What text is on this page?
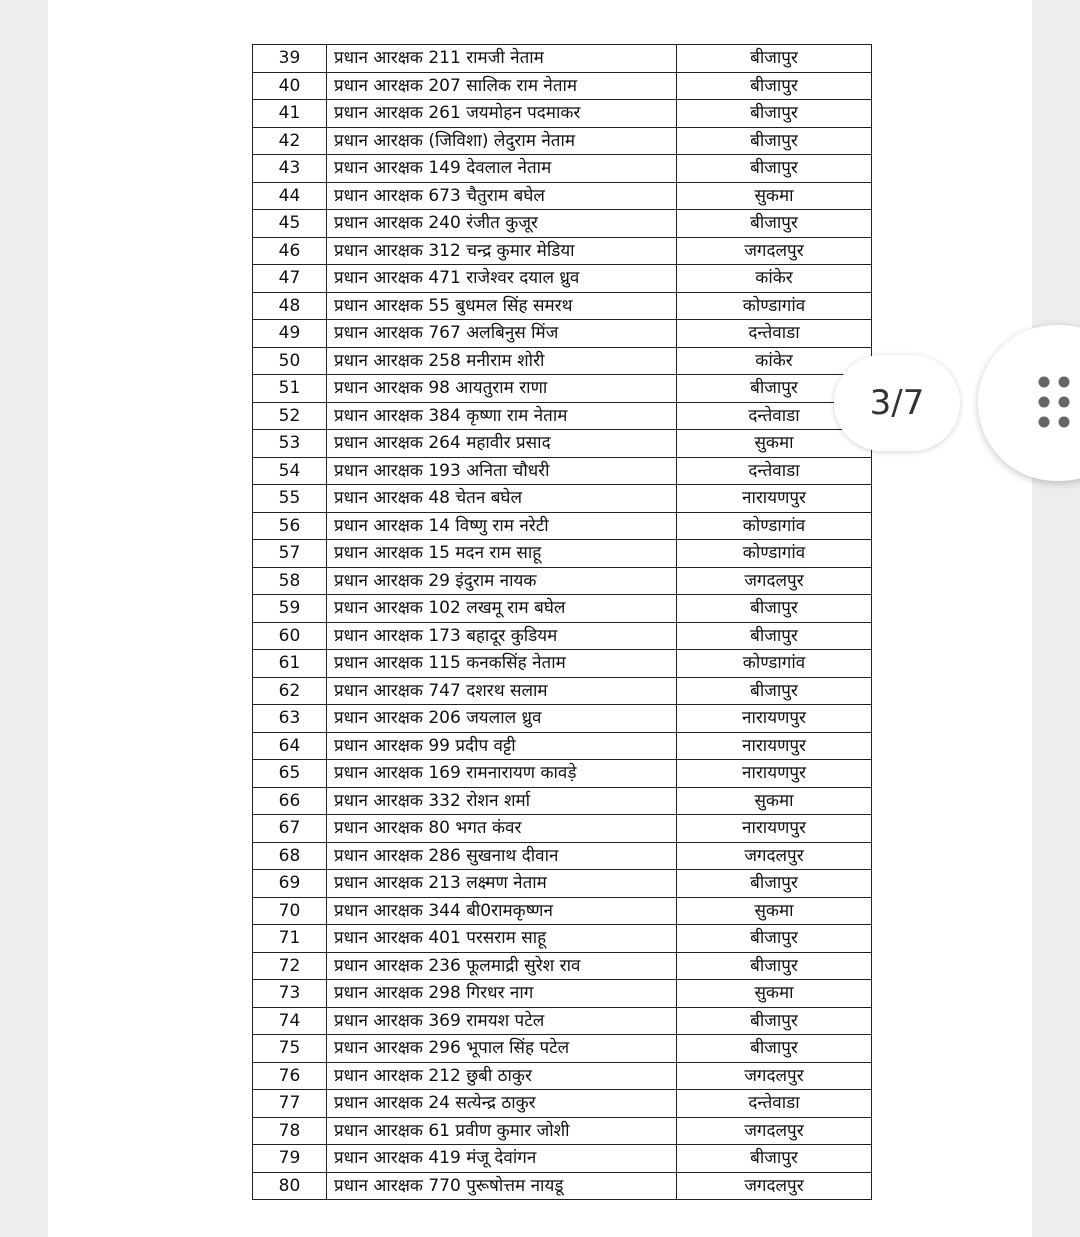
39	प्रधान आरक्षक 211 रामजी नेताम	बीजापुर
40	प्रधान आरक्षक 207 सालिक राम नेताम	बीजापुर
41	प्रधान आरक्षक 261 जयमोहन पदमाकर	बीजापुर
42	प्रधान आरक्षक (जिविशा) लेदुराम नेताम	बीजापुर
43	प्रधान आरक्षक 149 देवलाल नेताम	बीजापुर
44	प्रधान आरक्षक 673 चैतुराम बघेल	सुकमा
45	प्रधान आरक्षक 240 रंजीत कुजूर	बीजापुर
46	प्रधान आरक्षक 312 चन्द्र कुमार मेडिया	जगदलपुर
47	प्रधान आरक्षक 471 राजेश्वर दयाल ध्रुव	कांकेर
48	प्रधान आरक्षक 55 बुधमल सिंह समरथ	कोण्डागांव
49	प्रधान आरक्षक 767 अलबिनुस मिंज	दन्तेवाडा
50	प्रधान आरक्षक 258 मनीराम शोरी	कांकेर
51	प्रधान आरक्षक 98 आयतुराम राणा	बीजापुर
52	प्रधान आरक्षक 384 कृष्णा राम नेताम	दन्तेवाडा
53	प्रधान आरक्षक 264 महावीर प्रसाद	सुकमा
54	प्रधान आरक्षक 193 अनिता चौधरी	दन्तेवाडा
55	प्रधान आरक्षक 48 चेतन बघेल	नारायणपुर
56	प्रधान आरक्षक 14 विष्णु राम नरेटी	कोण्डागांव
57	प्रधान आरक्षक 15 मदन राम साहू	कोण्डागांव
58	प्रधान आरक्षक 29 इंदुराम नायक	जगदलपुर
59	प्रधान आरक्षक 102 लखमू राम बघेल	बीजापुर
60	प्रधान आरक्षक 173 बहादूर कुडियम	बीजापुर
61	प्रधान आरक्षक 115 कनकसिंह नेताम	कोण्डागांव
62	प्रधान आरक्षक 747 दशरथ सलाम	बीजापुर
63	प्रधान आरक्षक 206 जयलाल ध्रुव	नारायणपुर
64	प्रधान आरक्षक 99 प्रदीप वट्टी	नारायणपुर
65	प्रधान आरक्षक 169 रामनारायण कावड़े	नारायणपुर
66	प्रधान आरक्षक 332 रोशन शर्मा	सुकमा
67	प्रधान आरक्षक 80 भगत कंवर	नारायणपुर
68	प्रधान आरक्षक 286 सुखनाथ दीवान	जगदलपुर
69	प्रधान आरक्षक 213 लक्ष्मण नेताम	बीजापुर
70	प्रधान आरक्षक 344 बी0रामकृष्णन	सुकमा
71	प्रधान आरक्षक 401 परसराम साहू	बीजापुर
72	प्रधान आरक्षक 236 फूलमाद्री सुरेश राव	बीजापुर
73	प्रधान आरक्षक 298 गिरधर नाग	सुकमा
74	प्रधान आरक्षक 369 रामयश पटेल	बीजापुर
75	प्रधान आरक्षक 296 भूपाल सिंह पटेल	बीजापुर
76	प्रधान आरक्षक 212 छुबी ठाकुर	जगदलपुर
77	प्रधान आरक्षक 24 सत्येन्द्र ठाकुर	दन्तेवाडा
78	प्रधान आरक्षक 61 प्रवीण कुमार जोशी	जगदलपुर
79	प्रधान आरक्षक 419 मंजू देवांगन	बीजापुर
80	प्रधान आरक्षक 770 पुरूषोत्तम नायडू	जगदलपुर
3/7
